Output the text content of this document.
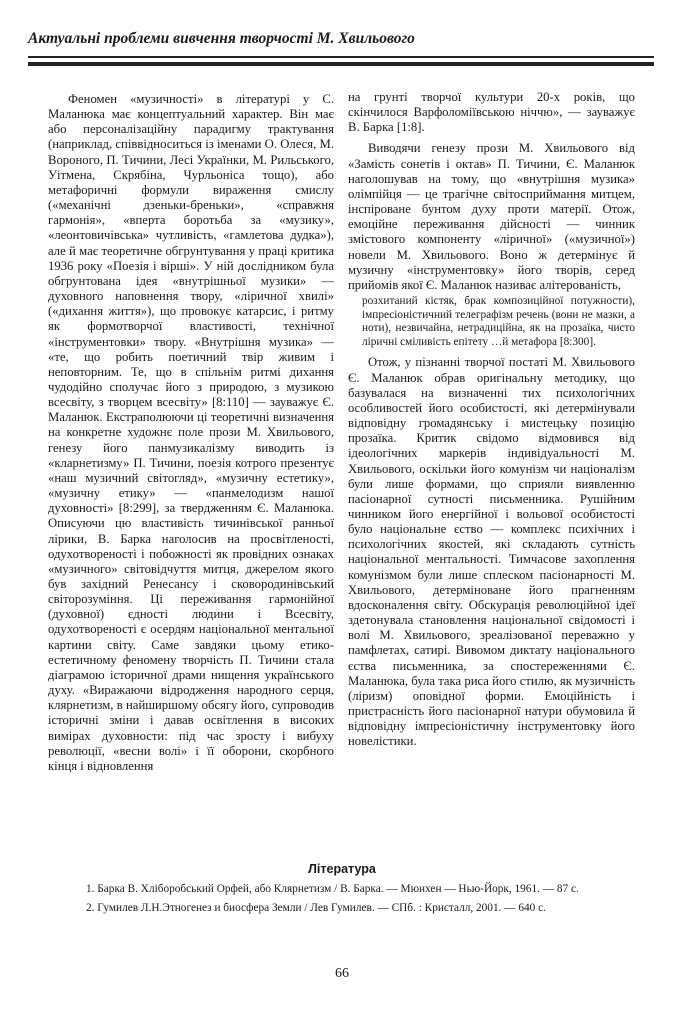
Актуальні проблеми вивчення творчості М. Хвильового

Феномен «музичності» в літературі у С. Маланюка має концептуальний характер. Він має або персоналізаційну парадигму трактування (наприклад, співвідноситься із іменами О. Олеся, М. Вороного, П. Тичини, Лесі Українки, М. Рильського, Уітмена, Скрябіна, Чурльоніса тощо), або метафоричні формули вираження смислу («механічні дзеньки-бреньки», «справжня гармонія», «вперта боротьба за «музику», «леонтовичівська» чутливість, «гамлетова дудка»), але й має теоретичне обгрунтування у праці критика 1936 року «Поезія і вірші». У ній дослідником була обгрунтована ідея «внутрішньої музики» — духовного наповнення твору, «ліричної хвилі» («дихання життя»), що провокує катарсис, і ритму як формотворчої властивості, технічної «інструментовки» твору. «Внутрішня музика» — «те, що робить поетичний твір живим і неповторним. Те, що в спільнім ритмі дихання чудодійно сполучає його з природою, з музикою всесвіту, з творцем всесвіту» [8:110] — зауважує Є. Маланюк. Екстраполюючи ці теоретичні визначення на конкретне художнє поле прози М. Хвильового, генезу його панмузикалізму виводить із «кларнетизму» П. Тичини, поезія котрого презентує «наш музичний світогляд», «музичну естетику», «музичну етику» — «панмелодизм нашої духовності» [8:299], за твердженням Є. Маланюка. Описуючи цю властивість тичинівської ранньої лірики, В. Барка наголосив на просвітленості, одухотвореності і побожності як провідних ознаках «музичного» світовідчуття митця, джерелом якого був західний Ренесансу і сковородинівський світорозуміння. Ці переживання гармонійної (духовної) єдності людини і Всесвіту, одухотвореності є осердям національної ментальної картини світу. Саме завдяки цьому етико-естетичному феномену творчість П. Тичини стала діаграмою історичної драми нищення українського духу. «Виражаючи відродження народного серця, клярнетизм, в найширшому обсягу його, супроводив історичні зміни і давав освітлення в високих вимірах духовности: під час зросту і вибуху революції, «весни волі» і її оборони, скорбного кінця і відновлення

на грунті творчої культури 20-х років, що скінчилося Варфоломіївською ніччю», — зауважує В. Барка [1:8].

Виводячи генезу прози М. Хвильового від «Замість сонетів і октав» П. Тичини, Є. Маланюк наголошував на тому, що «внутрішня музика» олімпійця — це трагічне світосприймання митцем, інспіроване бунтом духу проти матерії. Отож, емоційне переживання дійсності — чинник змістового компоненту «ліричної» («музичної») новели М. Хвильового. Воно ж детермінує й музичну «інструментовку» його творів, серед прийомів якої Є. Маланюк називає алітерованість,

розхитаний кістяк, брак композиційної потужности), імпресіоністичний телеграфізм речень (вони не мазки, а ноти), незвичайна, нетрадиційна, як на прозаїка, чисто ліричні сміливість епітету …й метафора [8:300].

Отож, у пізнанні творчої постаті М. Хвильового Є. Маланюк обрав оригінальну методику, що базувалася на визначенні тих психологічних особливостей його особистості, які детермінували відповідну громадянську і мистецьку позицію прозаїка. Критик свідомо відмовився від ідеологічних маркерів індивідуальності М. Хвильового, оскільки його комунізм чи націоналізм були лише формами, що сприяли виявленню пасіонарної сутності письменника. Рушійним чинником його енергійної і вольової особистості було національне єство — комплекс психічних і психологічних якостей, які складають сутність національної ментальності. Тимчасове захоплення комунізмом були лише сплеском пасіонарності М. Хвильового, детерміноване його прагненням вдосконалення світу. Обскурація революційної ідеї здетонувала становлення національної свідомості і волі М. Хвильового, зреалізованої переважно у памфлетах, сатирі. Вивомом диктату національного єства письменника, за спостереженнями Є. Маланюка, була така риса його стилю, як музичність (ліризм) оповідної форми. Емоційність і пристрасність його пасіонарної натури обумовила й відповідну імпресіоністичну інструментовку його новелістики.

Література

1. Барка В. Хліборобський Орфей, або Клярнетизм / В. Барка. — Мюнхен — Нью-Йорк, 1961. — 87 с.

2. Гумилев Л.Н.Этногенез и биосфера Земли / Лев Гумилев. — СПб. : Кристалл, 2001. — 640 с.

66
